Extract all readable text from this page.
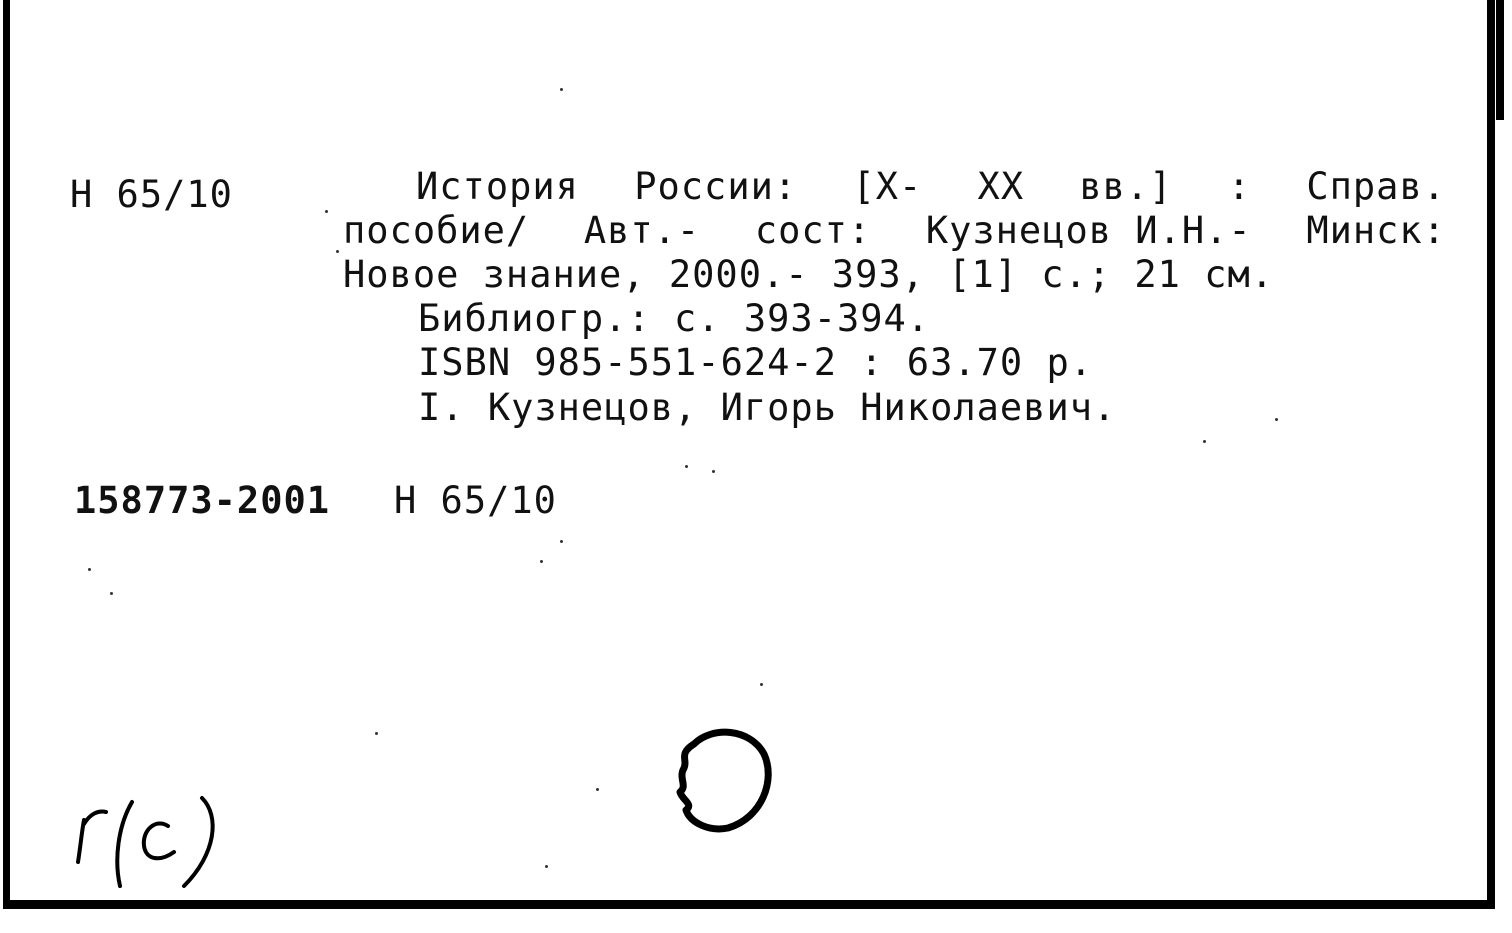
Н 65/10	История России: [X- XX вв.] : Справ.
пособие/ Авт.- сост: Кузнецов И.Н.- Минск:
Новое знание, 2000.- 393, [1] с.; 21 см.
Библиогр.: с. 393-394.
ISBN 985-551-624-2 : 63.70 р.
I. Кузнецов, Игорь Николаевич.
158773-2001 Н 65/10
